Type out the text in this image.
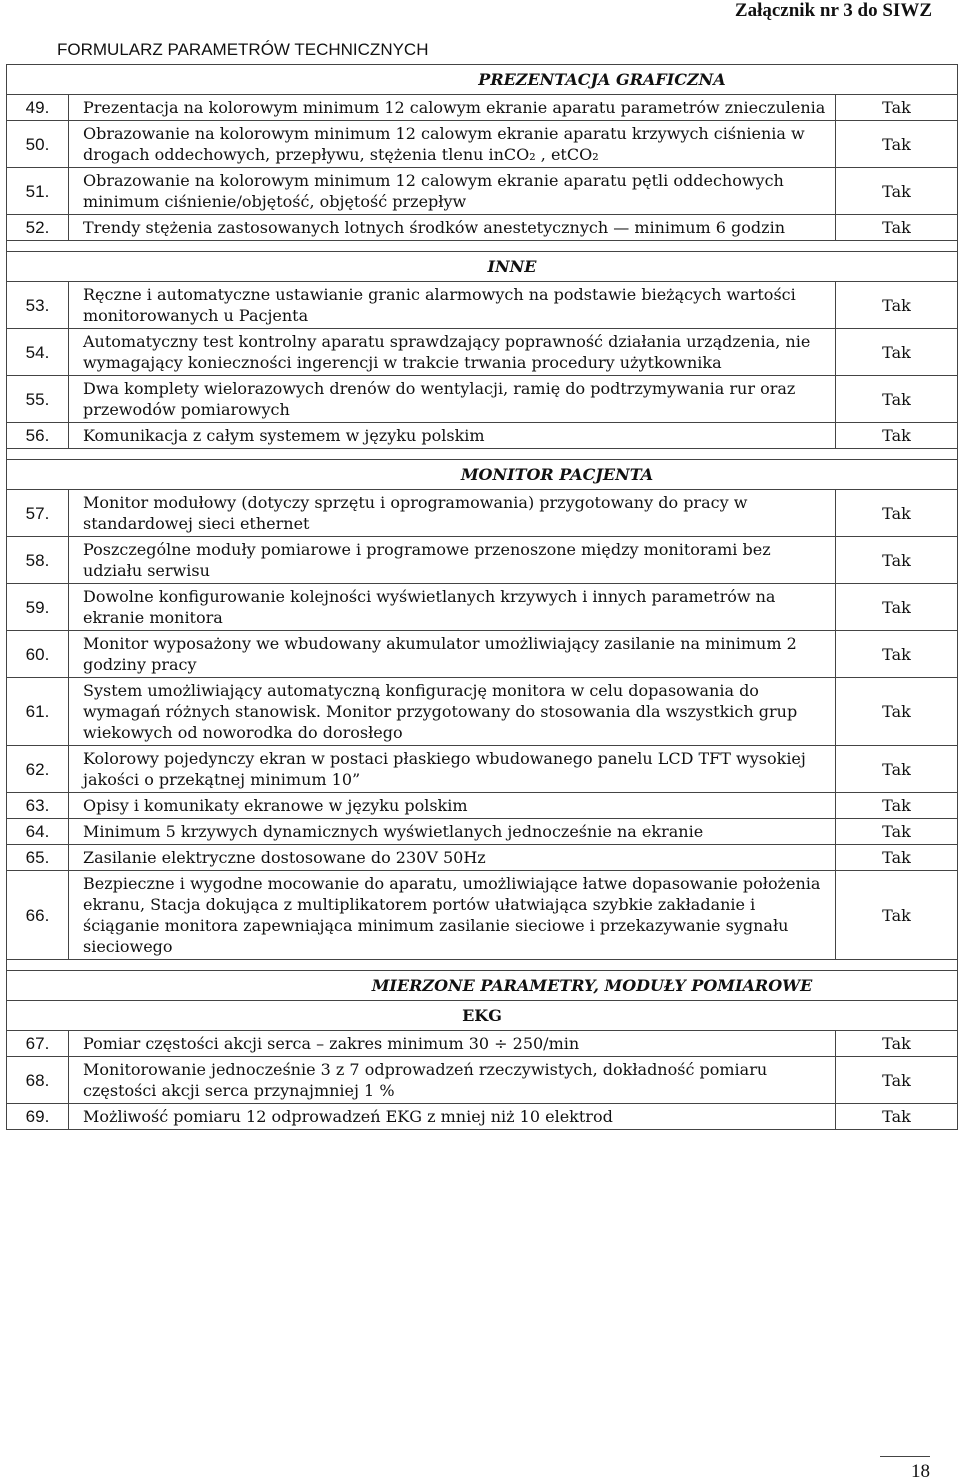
Załącznik nr 3 do SIWZ
FORMULARZ PARAMETRÓW TECHNICZNYCH
PREZENTACJA GRAFICZNA		
49.	Prezentacja na kolorowym minimum 12 calowym ekranie aparatu parametrów znieczulenia	Tak
50.	Obrazowanie na kolorowym minimum 12 calowym ekranie aparatu krzywych ciśnienia w drogach oddechowych, przepływu, stężenia tlenu inCO₂ , etCO₂	Tak
51.	Obrazowanie na kolorowym minimum 12 calowym ekranie aparatu pętli oddechowych minimum ciśnienie/objętość, objętość przepływ	Tak
52.	Trendy stężenia zastosowanych lotnych środków anestetycznych — minimum 6 godzin	Tak

INNE		
53.	Ręczne i automatyczne ustawianie granic alarmowych na podstawie bieżących wartości monitorowanych u Pacjenta	Tak
54.	Automatyczny test kontrolny aparatu sprawdzający poprawność działania urządzenia, nie wymagający konieczności ingerencji w trakcie trwania procedury użytkownika	Tak
55.	Dwa komplety wielorazowych drenów do wentylacji, ramię do podtrzymywania rur oraz przewodów pomiarowych	Tak
56.	Komunikacja z całym systemem w języku polskim	Tak

MONITOR PACJENTA		
57.	Monitor modułowy (dotyczy sprzętu i oprogramowania) przygotowany do pracy w standardowej sieci ethernet	Tak
58.	Poszczególne moduły pomiarowe i programowe przenoszone między monitorami bez udziału serwisu	Tak
59.	Dowolne konfigurowanie kolejności wyświetlanych krzywych i innych parametrów na ekranie monitora	Tak
60.	Monitor wyposażony we wbudowany akumulator umożliwiający zasilanie na minimum 2 godziny pracy	Tak
61.	System umożliwiający automatyczną konfigurację monitora w celu dopasowania do wymagań różnych stanowisk. Monitor przygotowany do stosowania dla wszystkich grup wiekowych od noworodka do dorosłego	Tak
62.	Kolorowy pojedynczy ekran w postaci płaskiego wbudowanego panelu LCD TFT wysokiej jakości o przekątnej minimum 10”	Tak
63.	Opisy i komunikaty ekranowe w języku polskim	Tak
64.	Minimum 5 krzywych dynamicznych wyświetlanych jednocześnie na ekranie	Tak
65.	Zasilanie elektryczne dostosowane do 230V 50Hz	Tak
66.	Bezpieczne i wygodne mocowanie do aparatu, umożliwiające łatwe dopasowanie położenia ekranu, Stacja dokująca z multiplikatorem portów ułatwiająca szybkie zakładanie i ściąganie monitora zapewniająca minimum zasilanie sieciowe i przekazywanie sygnału sieciowego	Tak

MIERZONE PARAMETRY, MODUŁY POMIAROWE		
EKG		
67.	Pomiar częstości akcji serca – zakres minimum 30 ÷ 250/min	Tak
68.	Monitorowanie jednocześnie 3 z 7 odprowadzeń rzeczywistych, dokładność pomiaru częstości akcji serca przynajmniej 1 %	Tak
69.	Możliwość pomiaru 12 odprowadzeń EKG z mniej niż 10 elektrod	Tak
18
